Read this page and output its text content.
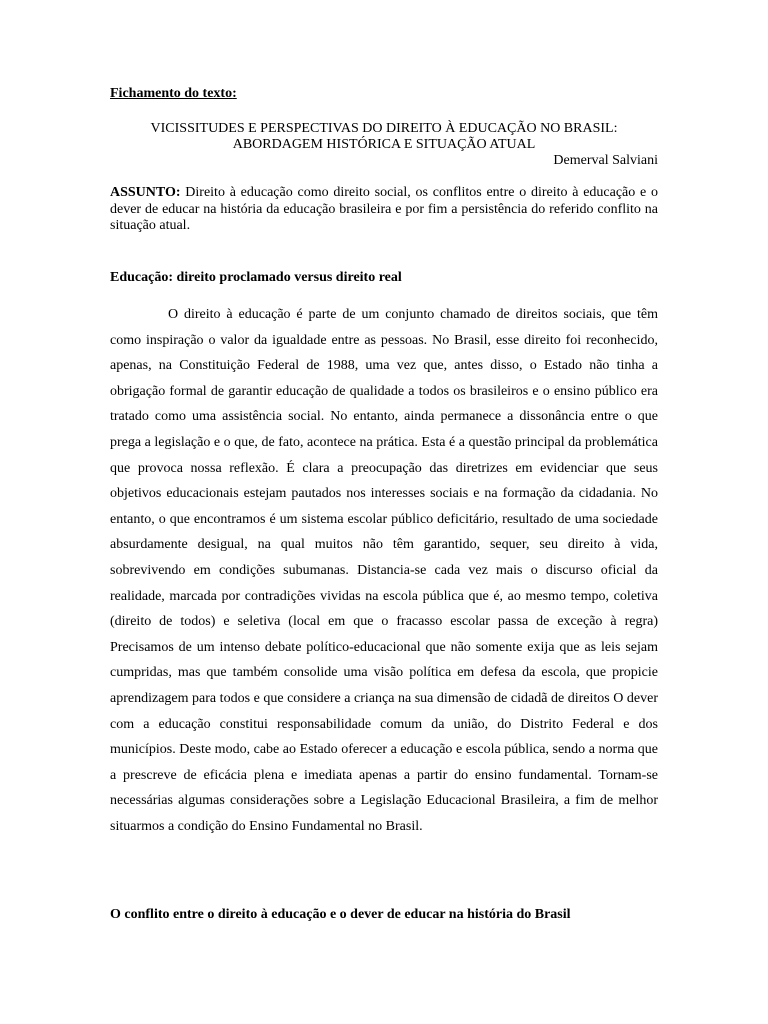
Fichamento do texto:
VICISSITUDES E PERSPECTIVAS DO DIREITO À EDUCAÇÃO NO BRASIL:
ABORDAGEM HISTÓRICA E SITUAÇÃO ATUAL
Demerval Salviani
ASSUNTO: Direito à educação como direito social, os conflitos entre o direito à educação e o dever de educar na história da educação brasileira e por fim a persistência do referido conflito na situação atual.
Educação: direito proclamado versus direito real

O direito à educação é parte de um conjunto chamado de direitos sociais, que têm como inspiração o valor da igualdade entre as pessoas. No Brasil, esse direito foi reconhecido, apenas, na Constituição Federal de 1988, uma vez que, antes disso, o Estado não tinha a obrigação formal de garantir educação de qualidade a todos os brasileiros e o ensino público era tratado como uma assistência social. No entanto, ainda permanece a dissonância entre o que prega a legislação e o que, de fato, acontece na prática. Esta é a questão principal da problemática que provoca nossa reflexão. É clara a preocupação das diretrizes em evidenciar que seus objetivos educacionais estejam pautados nos interesses sociais e na formação da cidadania. No entanto, o que encontramos é um sistema escolar público deficitário, resultado de uma sociedade absurdamente desigual, na qual muitos não têm garantido, sequer, seu direito à vida, sobrevivendo em condições subumanas. Distancia-se cada vez mais o discurso oficial da realidade, marcada por contradições vividas na escola pública que é, ao mesmo tempo, coletiva (direito de todos) e seletiva (local em que o fracasso escolar passa de exceção à regra) Precisamos de um intenso debate político-educacional que não somente exija que as leis sejam cumpridas, mas que também consolide uma visão política em defesa da escola, que propicie aprendizagem para todos e que considere a criança na sua dimensão de cidadã de direitos O dever com a educação constitui responsabilidade comum da união, do Distrito Federal e dos municípios. Deste modo, cabe ao Estado oferecer a educação e escola pública, sendo a norma que a prescreve de eficácia plena e imediata apenas a partir do ensino fundamental. Tornam-se necessárias algumas considerações sobre a Legislação Educacional Brasileira, a fim de melhor situarmos a condição do Ensino Fundamental no Brasil.

O conflito entre o direito à educação e o dever de educar na história do Brasil
